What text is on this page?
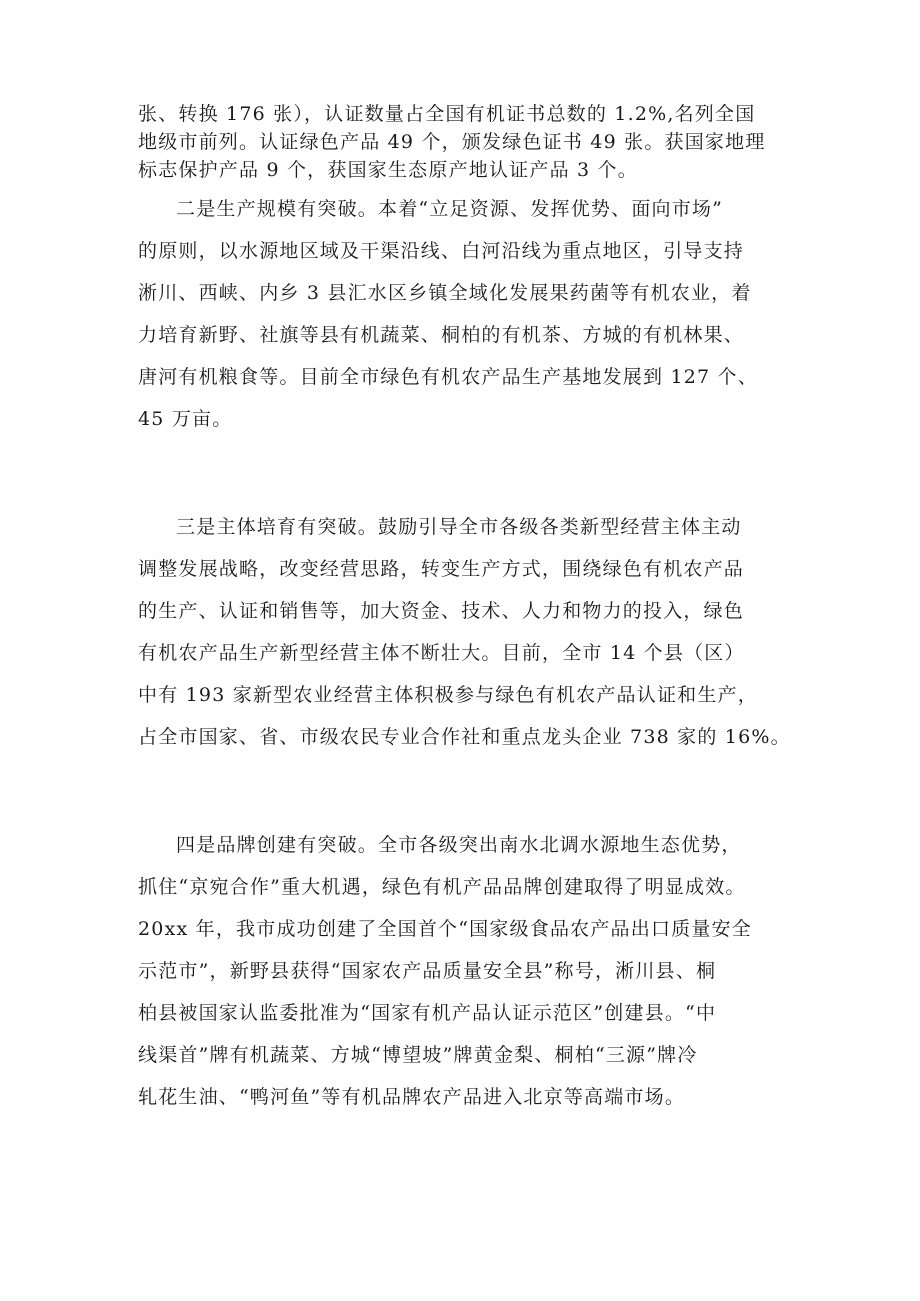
张、转换 176 张），认证数量占全国有机证书总数的 1.2%,名列全国
地级市前列。认证绿色产品 49 个，颁发绿色证书 49 张。获国家地理
标志保护产品 9 个，获国家生态原产地认证产品 3 个。
二是生产规模有突破。本着“立足资源、发挥优势、面向市场”
的原则，以水源地区域及干渠沿线、白河沿线为重点地区，引导支持
淅川、西峡、内乡 3 县汇水区乡镇全域化发展果药菌等有机农业，着
力培育新野、社旗等县有机蔬菜、桐柏的有机茶、方城的有机林果、
唐河有机粮食等。目前全市绿色有机农产品生产基地发展到 127 个、
45 万亩。
三是主体培育有突破。鼓励引导全市各级各类新型经营主体主动
调整发展战略，改变经营思路，转变生产方式，围绕绿色有机农产品
的生产、认证和销售等，加大资金、技术、人力和物力的投入，绿色
有机农产品生产新型经营主体不断壮大。目前，全市 14 个县（区）
中有 193 家新型农业经营主体积极参与绿色有机农产品认证和生产，
占全市国家、省、市级农民专业合作社和重点龙头企业 738 家的 16%。
四是品牌创建有突破。全市各级突出南水北调水源地生态优势，
抓住“京宛合作”重大机遇，绿色有机产品品牌创建取得了明显成效。
20xx 年，我市成功创建了全国首个“国家级食品农产品出口质量安全
示范市”，新野县获得“国家农产品质量安全县”称号，淅川县、桐
柏县被国家认监委批准为“国家有机产品认证示范区”创建县。“中
线渠首”牌有机蔬菜、方城“博望坡”牌黄金梨、桐柏“三源”牌冷
轧花生油、“鸭河鱼”等有机品牌农产品进入北京等高端市场。
